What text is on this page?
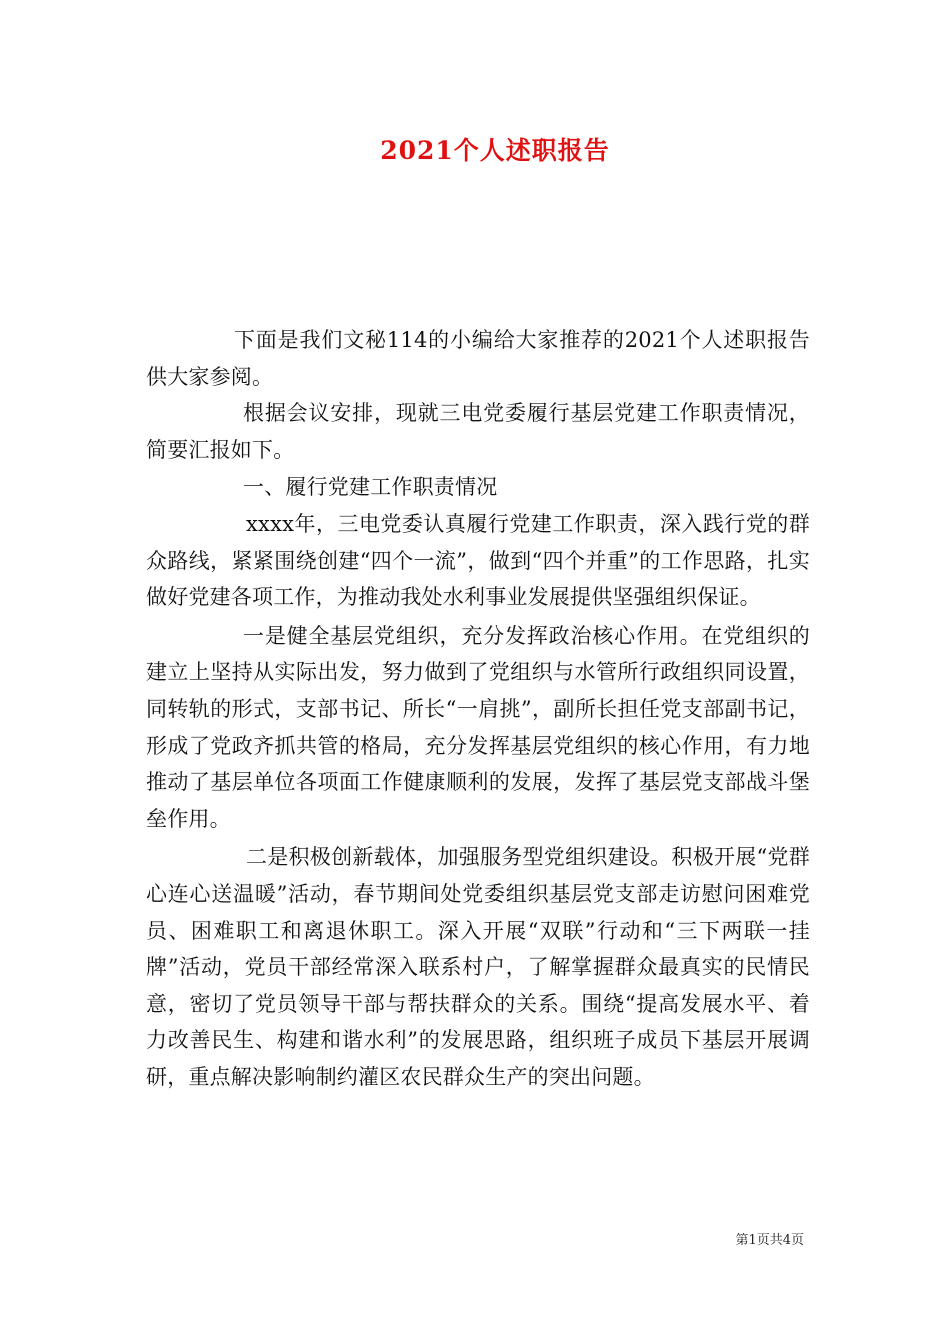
2021个人述职报告

下面是我们文秘114的小编给大家推荐的2021个人述职报告供大家参阅。

根据会议安排，现就三电党委履行基层党建工作职责情况，简要汇报如下。

一、履行党建工作职责情况

xxxx年，三电党委认真履行党建工作职责，深入践行党的群众路线，紧紧围绕创建“四个一流”，做到“四个并重”的工作思路，扎实做好党建各项工作，为推动我处水利事业发展提供坚强组织保证。

一是健全基层党组织，充分发挥政治核心作用。在党组织的建立上坚持从实际出发，努力做到了党组织与水管所行政组织同设置，同转轨的形式，支部书记、所长“一肩挑”，副所长担任党支部副书记，形成了党政齐抓共管的格局，充分发挥基层党组织的核心作用，有力地推动了基层单位各项面工作健康顺利的发展，发挥了基层党支部战斗堡垒作用。

二是积极创新载体，加强服务型党组织建设。积极开展“党群心连心送温暖”活动，春节期间处党委组织基层党支部走访慰问困难党员、困难职工和离退休职工。深入开展“双联”行动和“三下两联一挂牌”活动，党员干部经常深入联系村户，了解掌握群众最真实的民情民意，密切了党员领导干部与帮扶群众的关系。围绕“提高发展水平、着力改善民生、构建和谐水利”的发展思路，组织班子成员下基层开展调研，重点解决影响制约灌区农民群众生产的突出问题。

第1页共4页
